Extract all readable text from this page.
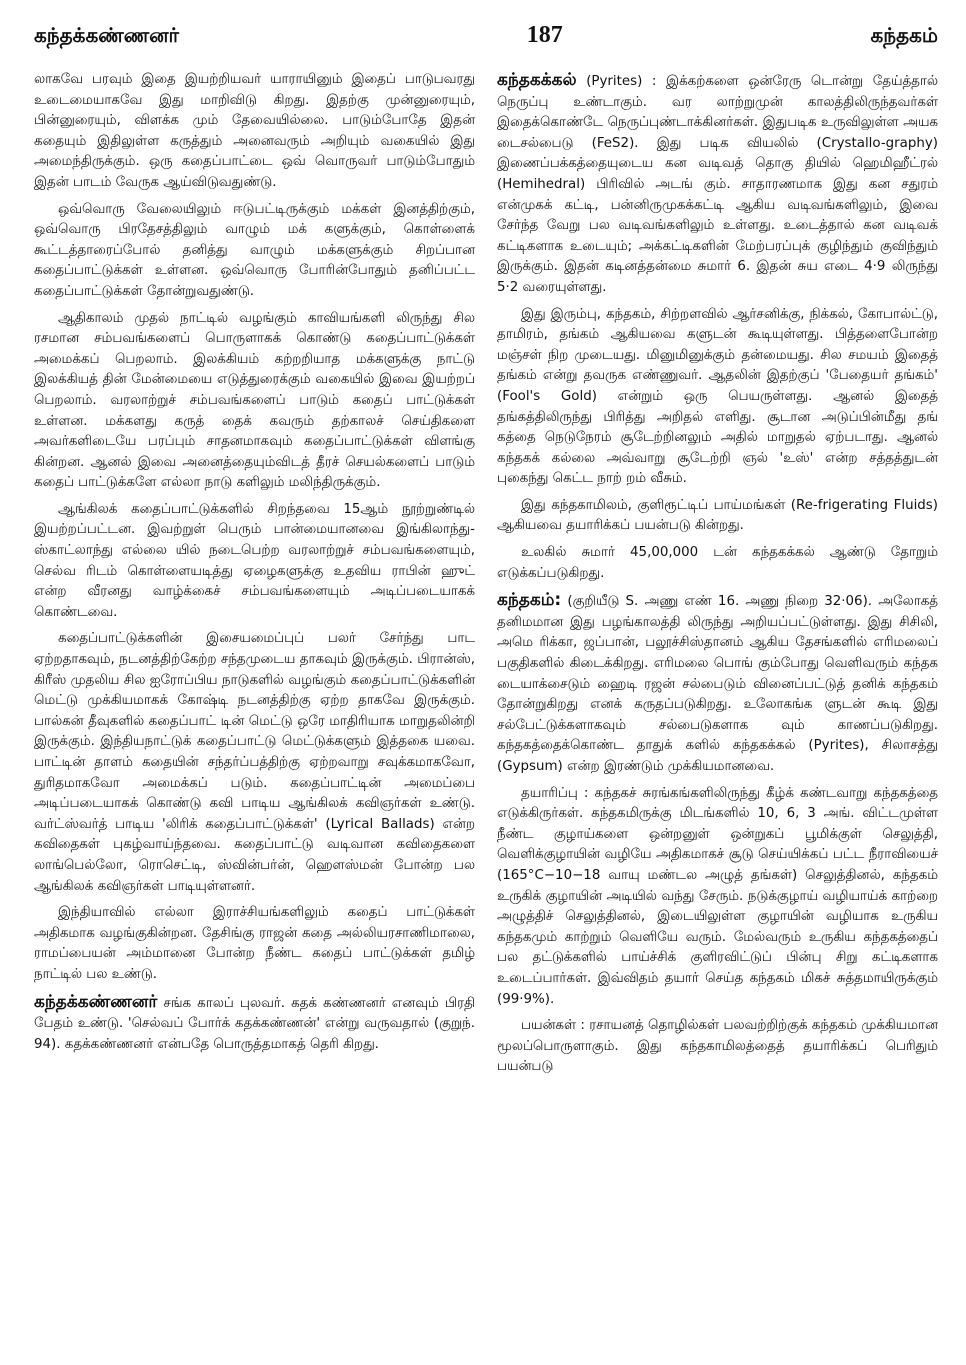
கந்தக்கண்ணனர்	187	கந்தகம்

லாகவே பரவும் இதை இயற்றியவர் யாராயினும் இதைப் பாடுபவரது உடைமையாகவே இது மாறிவிடு கிறது. இதற்கு முன்னுரையும், பின்னுரையும், விளக்க மும் தேவையில்லை. பாடும்போதே இதன் கதையும் இதிலுள்ள கருத்தும் அனைவரும் அறியும் வகையில் இது அமைந்திருக்கும். ஒரு கதைப்பாட்டை ஒவ் வொருவர் பாடும்போதும் இதன் பாடம் வேருக ஆய்விடுவதுண்டு.

ஒவ்வொரு வேலையிலும் ஈடுபட்டிருக்கும் மக்கள் இனத்திற்கும், ஒவ்வொரு பிரதேசத்திலும் வாழும் மக் களுக்கும், கொள்ளைக் கூட்டத்தாரைப்போல் தனித்து வாழும் மக்களுக்கும் சிறப்பான கதைப்பாட்டுக்கள் உள்ளன. ஒவ்வொரு போரின்போதும் தனிப்பட்ட கதைப்பாட்டுக்கள் தோன்றுவதுண்டு.

ஆதிகாலம் முதல் நாட்டில் வழங்கும் காவியங்களி லிருந்து சில ரசமான சம்பவங்களைப் பொருளாகக் கொண்டு கதைப்பாட்டுக்கள் அமைக்கப் பெறலாம். இலக்கியம் கற்றறியாத மக்களுக்கு நாட்டு இலக்கியத் தின் மேன்மையை எடுத்துரைக்கும் வகையில் இவை இயற்றப் பெறலாம். வரலாற்றுச் சம்பவங்களைப் பாடும் கதைப் பாட்டுக்கள் உள்ளன. மக்களது கருத் தைக் கவரும் தற்காலச் செய்திகளை அவர்களிடையே பரப்பும் சாதனமாகவும் கதைப்பாட்டுக்கள் விளங்கு கின்றன. ஆனல் இவை அனைத்தையும்விடத் தீரச் செயல்களைப் பாடும் கதைப் பாட்டுக்களே எல்லா நாடு களிலும் மலிந்திருக்கும்.

ஆங்கிலக் கதைப்பாட்டுக்களில் சிறந்தவை 15ஆம் நூற்றுண்டில் இயற்றப்பட்டன. இவற்றுள் பெரும் பான்மையானவை இங்கிலாந்து-ஸ்காட்லாந்து எல்லை யில் நடைபெற்ற வரலாற்றுச் சம்பவங்களையும், செல்வ ரிடம் கொள்ளையடித்து ஏழைகளுக்கு உதவிய ராபின் ஹுட் என்ற வீரனது வாழ்க்கைச் சம்பவங்களையும் அடிப்படையாகக் கொண்டவை.

கதைப்பாட்டுக்களின் இசையமைப்புப் பலர் சேர்ந்து பாட ஏற்றதாகவும், நடனத்திற்கேற்ற சந்தமுடைய தாகவும் இருக்கும். பிரான்ஸ், கிரீஸ் முதலிய சில ஐரோப்பிய நாடுகளில் வழங்கும் கதைப்பாட்டுக்களின் மெட்டு முக்கியமாகக் கோஷ்டி நடனத்திற்கு ஏற்ற தாகவே இருக்கும். பால்கன் தீவுகளில் கதைப்பாட் டின் மெட்டு ஒரே மாதிரியாக மாறுதலின்றி இருக்கும். இந்தியநாட்டுக் கதைப்பாட்டு மெட்டுக்களும் இத்தகை யவை. பாட்டின் தாளம் கதையின் சந்தர்ப்பத்திற்கு ஏற்றவாறு சவுக்கமாகவோ, துரிதமாகவோ அமைக்கப் படும். கதைப்பாட்டின் அமைப்பை அடிப்படையாகக் கொண்டு கவி பாடிய ஆங்கிலக் கவிஞர்கள் உண்டு. வர்ட்ஸ்வர்த் பாடிய 'லிரிக் கதைப்பாட்டுக்கள்' (Lyrical Ballads) என்ற கவிதைகள் புகழ்வாய்ந்தவை. கதைப்பாட்டு வடிவான கவிதைகளை லாங்பெல்லோ, ரொசெட்டி, ஸ்வின்பர்ன், ஹௌஸ்மன் போன்ற பல ஆங்கிலக் கவிஞர்கள் பாடியுள்ளனர்.

இந்தியாவில் எல்லா இராச்சியங்களிலும் கதைப் பாட்டுக்கள் அதிகமாக வழங்குகின்றன. தேசிங்கு ராஜன் கதை அல்லியரசாணிமாலை, ராமப்பையன் அம்மானை போன்ற நீண்ட கதைப் பாட்டுக்கள் தமிழ் நாட்டில் பல உண்டு.

கந்தக்கண்ணனர் சங்க காலப் புலவர். கதக் கண்ணனர் எனவும் பிரதி பேதம் உண்டு. 'செல்வப் போர்க் கதக்கண்ணன்' என்று வருவதால் (குறுந். 94). கதக்கண்ணனர் என்பதே பொருத்தமாகத் தெரி கிறது.

கந்தகக்கல் (Pyrites) : இக்கற்களை ஒன்ரேரு டொன்று தேய்த்தால் நெருப்பு உண்டாகும். வர லாற்றுமுன் காலத்திலிருந்தவர்கள் இதைக்கொண்டே நெருப்புண்டாக்கினர்கள். இதுபடிக உருவிலுள்ள அயக டைசல்பைடு (FeS2). இது படிக வியலில் (Crystallo-graphy) இணைப்பக்கத்தையுடைய கன வடிவத் தொகு தியில் ஹெமிஹீட்ரல் (Hemihedral) பிரிவில் அடங் கும். சாதாரணமாக இது கன சதுரம் என்முகக் கட்டி, பன்னிருமுகக்கட்டி ஆகிய வடிவங்களிலும், இவை சேர்ந்த வேறு பல வடிவங்களிலும் உள்ளது. உடைத்தால் கன வடிவக் கட்டிகளாக உடையும்; அக்கட்டிகளின் மேற்பரப்புக் குழிந்தும் குவிந்தும் இருக்கும். இதன் கடினத்தன்மை சுமார் 6. இதன் சுய எடை 4·9 லிருந்து 5·2 வரையுள்ளது.

இது இரும்பு, கந்தகம், சிற்றளவில் ஆர்சனிக்கு, நிக்கல், கோபால்ட்டு, தாமிரம், தங்கம் ஆகியவை களுடன் கூடியுள்ளது. பித்தளைபோன்ற மஞ்சள் நிற முடையது. மினுமினுக்கும் தன்மையது. சில சமயம் இதைத் தங்கம் என்று தவருக எண்ணுவர். ஆதலின் இதற்குப் 'பேதையர் தங்கம்' (Fool's Gold) என்றும் ஒரு பெயருள்ளது. ஆனல் இதைத் தங்கத்திலிருந்து பிரித்து அறிதல் எளிது. சூடான அடுப்பின்மீது தங் கத்தை நெடுநேரம் சூடேற்றினலும் அதில் மாறுதல் ஏற்படாது. ஆனல் கந்தகக் கல்லை அவ்வாறு சூடேற்றி ஞல் 'உஸ்' என்ற சத்தத்துடன் புகைந்து கெட்ட நாற் றம் வீசும்.

இது கந்தகாமிலம், குளிரூட்டிப் பாய்மங்கள் (Re-frigerating Fluids) ஆகியவை தயாரிக்கப் பயன்படு கின்றது.

உலகில் சுமார் 45,00,000 டன் கந்தகக்கல் ஆண்டு தோறும் எடுக்கப்படுகிறது.

கந்தகம்: (குறியீடு S. அணு எண் 16. அணு நிறை 32·06). அலோகத் தனிமமான இது பழங்காலத்தி லிருந்து அறியப்பட்டுள்ளது. இது சிசிலி, அமெ ரிக்கா, ஜப்பான், பலூச்சிஸ்தானம் ஆகிய தேசங்களில் எரிமலைப் பகுதிகளில் கிடைக்கிறது. எரிமலை பொங் கும்போது வெளிவரும் கந்தக டையாக்சைடும் ஹைடி ரஜன் சல்பைடும் வினைப்பட்டுத் தனிக் கந்தகம் தோன்றுகிறது எனக் கருதப்படுகிறது. உலோகங்க ளுடன் கூடி இது சல்பேட்டுக்களாகவும் சல்பைடுகளாக வும் காணப்படுகிறது. கந்தகத்தைக்கொண்ட தாதுக் களில் கந்தகக்கல் (Pyrites), சிலாசத்து (Gypsum) என்ற இரண்டும் முக்கியமானவை.

தயாரிப்பு : கந்தகச் சுரங்கங்களிலிருந்து கீழ்க் கண்டவாறு கந்தகத்தை எடுக்கிருர்கள். கந்தகமிருக்கு மிடங்களில் 10, 6, 3 அங். விட்டமுள்ள நீண்ட குழாய்களை ஒன்றனுள் ஒன்றுகப் பூமிக்குள் செலுத்தி, வெளிக்குழாயின் வழியே அதிகமாகச் சூடு செய்யிக்கப் பட்ட நீராவியைச் (165°C−10−18 வாயு மண்டல அழுத் தங்கள்) செலுத்தினல், கந்தகம் உருகிக் குழாயின் அடியில் வந்து சேரும். நடுக்குழாய் வழியாய்க் காற்றை அழுத்திச் செலுத்தினல், இடையிலுள்ள குழாயின் வழியாக உருகிய கந்தகமும் காற்றும் வெளியே வரும். மேல்வரும் உருகிய கந்தகத்தைப் பல தட்டுக்களில் பாய்ச்சிக் குளிரவிட்டுப் பின்பு சிறு கட்டிகளாக உடைப்பார்கள். இவ்விதம் தயார் செய்த கந்தகம் மிகச் சுத்தமாயிருக்கும் (99·9%).

பயன்கள் : ரசாயனத் தொழில்கள் பலவற்றிற்குக் கந்தகம் முக்கியமான மூலப்பொருளாகும். இது கந்தகாமிலத்தைத் தயாரிக்கப் பெரிதும் பயன்படு
